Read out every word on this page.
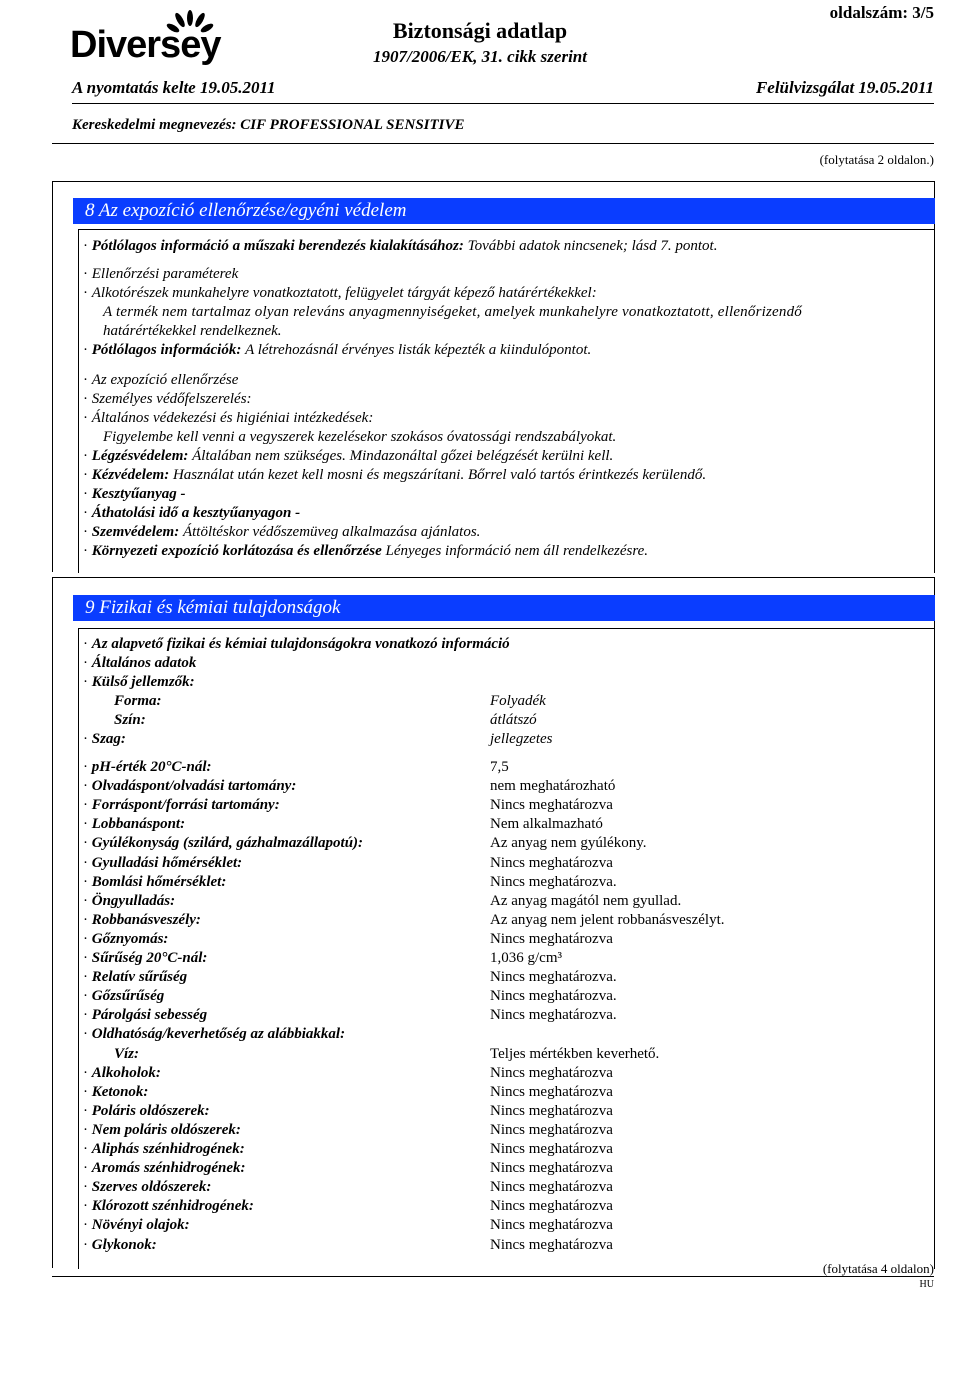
Diversey
oldalszám: 3/5
Biztonsági adatlap
1907/2006/EK, 31. cikk szerint
A nyomtatás kelte 19.05.2011	Felülvizsgálat 19.05.2011
Kereskedelmi megnevezés: CIF PROFESSIONAL SENSITIVE
(folytatása 2 oldalon.)
8 Az expozíció ellenőrzése/egyéni védelem
· Pótlólagos információ a műszaki berendezés kialakításához: További adatok nincsenek; lásd 7. pontot.
· Ellenőrzési paraméterek
· Alkotórészek munkahelyre vonatkoztatott, felügyelet tárgyát képező határértékekkel:
A termék nem tartalmaz olyan releváns anyagmennyiségeket, amelyek munkahelyre vonatkoztatott, ellenőrizendő
határértékekkel rendelkeznek.
· Pótlólagos információk: A létrehozásnál érvényes listák képezték a kiindulópontot.
· Az expozíció ellenőrzése
· Személyes védőfelszerelés:
· Általános védekezési és higiéniai intézkedések:
Figyelembe kell venni a vegyszerek kezelésekor szokásos óvatossági rendszabályokat.
· Légzésvédelem: Általában nem szükséges. Mindazonáltal gőzei belégzését kerülni kell.
· Kézvédelem: Használat után kezet kell mosni és megszárítani. Bőrrel való tartós érintkezés kerülendő.
· Kesztyűanyag -
· Áthatolási idő a kesztyűanyagon -
· Szemvédelem: Áttöltéskor védőszemüveg alkalmazása ajánlatos.
· Környezeti expozíció korlátozása és ellenőrzése Lényeges információ nem áll rendelkezésre.
9 Fizikai és kémiai tulajdonságok
· Az alapvető fizikai és kémiai tulajdonságokra vonatkozó információ
· Általános adatok
· Külső jellemzők:
Forma:	Folyadék
Szín:	átlátszó
· Szag:	jellegzetes
· pH-érték 20°C-nál:	7,5
· Olvadáspont/olvadási tartomány:	nem meghatározható
· Forráspont/forrási tartomány:	Nincs meghatározva
· Lobbanáspont:	Nem alkalmazható
· Gyúlékonyság (szilárd, gázhalmazállapotú):	Az anyag nem gyúlékony.
· Gyulladási hőmérséklet:	Nincs meghatározva
· Bomlási hőmérséklet:	Nincs meghatározva.
· Öngyulladás:	Az anyag magától nem gyullad.
· Robbanásveszély:	Az anyag nem jelent robbanásveszélyt.
· Gőznyomás:	Nincs meghatározva
· Sűrűség 20°C-nál:	1,036 g/cm³
· Relatív sűrűség	Nincs meghatározva.
· Gőzsűrűség	Nincs meghatározva.
· Párolgási sebesség	Nincs meghatározva.
· Oldhatóság/keverhetőség az alábbiakkal:
Víz:	Teljes mértékben keverhető.
· Alkoholok:	Nincs meghatározva
· Ketonok:	Nincs meghatározva
· Poláris oldószerek:	Nincs meghatározva
· Nem poláris oldószerek:	Nincs meghatározva
· Aliphás szénhidrogének:	Nincs meghatározva
· Aromás szénhidrogének:	Nincs meghatározva
· Szerves oldószerek:	Nincs meghatározva
· Klórozott szénhidrogének:	Nincs meghatározva
· Növényi olajok:	Nincs meghatározva
· Glykonok:	Nincs meghatározva
(folytatása 4 oldalon)
HU
